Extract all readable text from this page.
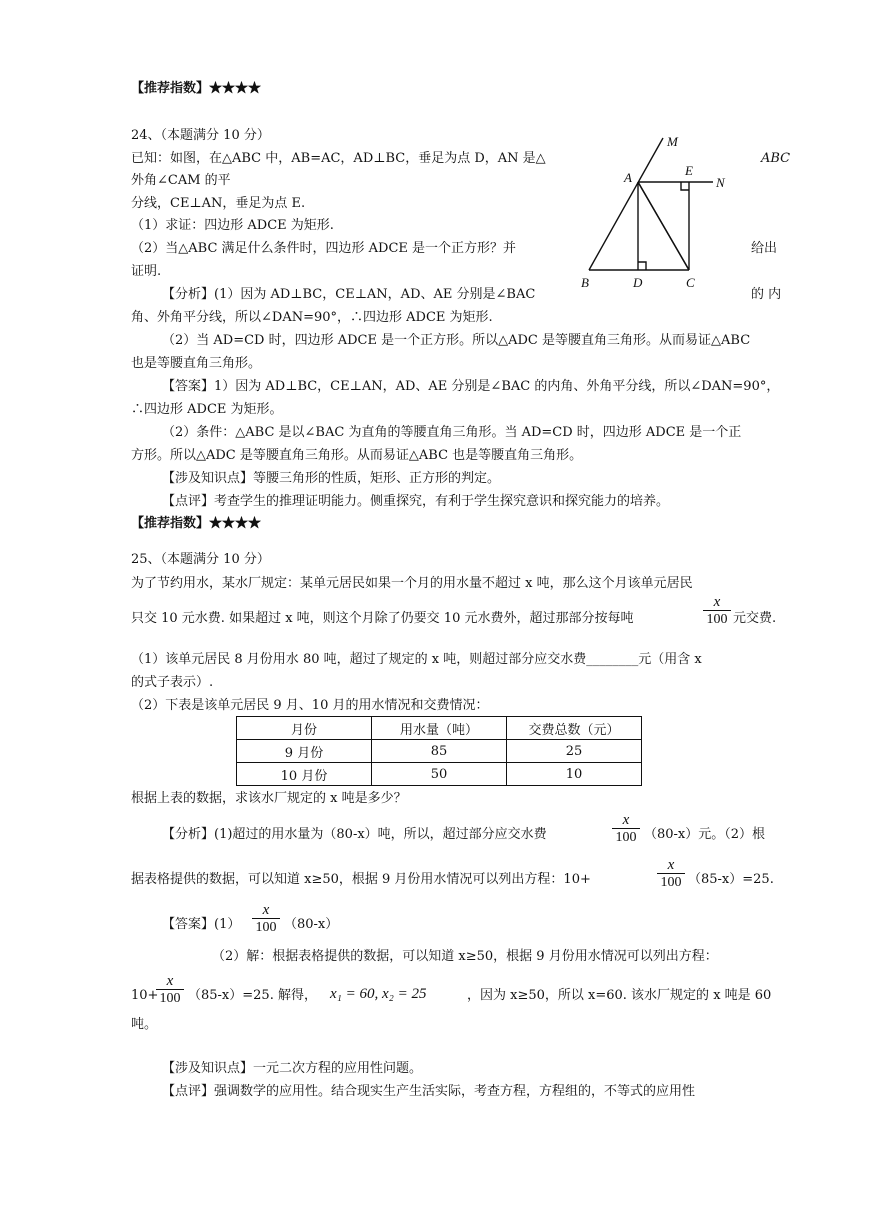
【推荐指数】★★★★
24、（本题满分 10 分）
已知：如图，在△ABC 中，AB=AC，AD⊥BC，垂足为点 D，AN 是△	ABC
外角∠CAM 的平
分线，CE⊥AN，垂足为点 E.
（1）求证：四边形 ADCE 为矩形.
（2）当△ABC 满足什么条件时，四边形 ADCE 是一个正方形？并	给出
证明.
【分析】(1）因为 AD⊥BC，CE⊥AN，AD、AE 分别是∠BAC	的 内
角、外角平分线，所以∠DAN=90°，∴四边形 ADCE 为矩形.
（2）当 AD=CD 时，四边形 ADCE 是一个正方形。所以△ADC 是等腰直角三角形。从而易证△ABC
也是等腰直角三角形。
【答案】1）因为 AD⊥BC，CE⊥AN，AD、AE 分别是∠BAC 的内角、外角平分线，所以∠DAN=90°，
∴四边形 ADCE 为矩形。
（2）条件：△ABC 是以∠BAC 为直角的等腰直角三角形。当 AD=CD 时，四边形 ADCE 是一个正
方形。所以△ADC 是等腰直角三角形。从而易证△ABC 也是等腰直角三角形。
【涉及知识点】等腰三角形的性质，矩形、正方形的判定。
【点评】考查学生的推理证明能力。侧重探究，有利于学生探究意识和探究能力的培养。
【推荐指数】★★★★
M
E
N
A
B	D	C
25、（本题满分 10 分）
为了节约用水，某水厂规定：某单元居民如果一个月的用水量不超过 x 吨，那么这个月该单元居民
只交 10 元水费. 如果超过 x 吨，则这个月除了仍要交 10 元水费外，超过那部分按每吨
x
100 元交费.
（1）该单元居民 8 月份用水 80 吨，超过了规定的 x 吨，则超过部分应交水费________元（用含 x
的式子表示）.
（2）下表是该单元居民 9 月、10 月的用水情况和交费情况：
月份	用水量（吨）	交费总数（元）
9 月份	85	25
10 月份	50	10
根据上表的数据，求该水厂规定的 x 吨是多少？
【分析】(1)超过的用水量为（80-x）吨，所以，超过部分应交水费
x
100 （80-x）元。（2）根
据表格提供的数据，可以知道 x≥50，根据 9 月份用水情况可以列出方程：10+
x
100 （85-x）=25.
【答案】(1）
x
100 （80-x）
（2）解：根据表格提供的数据，可以知道 x≥50，根据 9 月份用水情况可以列出方程：
10+
x
100 （85-x）=25. 解得， x₁ = 60, x₂ = 25	，因为 x≥50，所以 x=60. 该水厂规定的 x 吨是 60
吨。
【涉及知识点】一元二次方程的应用性问题。
【点评】强调数学的应用性。结合现实生产生活实际，考查方程，方程组的，不等式的应用性
